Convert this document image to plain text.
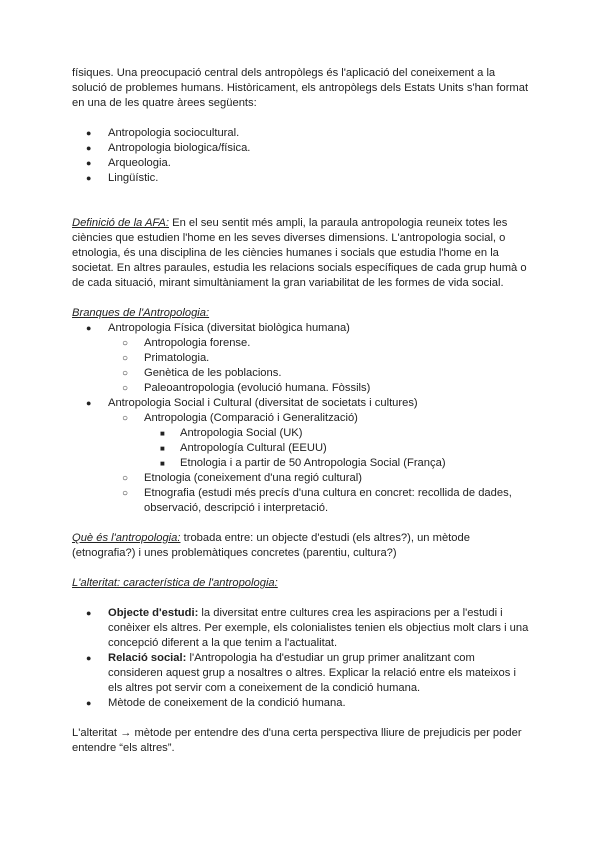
físiques. Una preocupació central dels antropòlegs és l'aplicació del coneixement a la solució de problemes humans. Històricament, els antropòlegs dels Estats Units s'han format en una de les quatre àrees següents:

● Antropologia sociocultural.
● Antropologia biologica/física.
● Arqueologia.
● Lingüístic.

Definició de la AFA: En el seu sentit més ampli, la paraula antropologia reuneix totes les ciències que estudien l'home en les seves diverses dimensions. L'antropologia social, o etnologia, és una disciplina de les ciències humanes i socials que estudia l'home en la societat. En altres paraules, estudia les relacions socials específiques de cada grup humà o de cada situació, mirant simultàniament la gran variabilitat de les formes de vida social.

Branques de l'Antropologia:

● Antropologia Física (diversitat biològica humana)
○ Antropologia forense.
○ Primatologia.
○ Genètica de les poblacions.
○ Paleoantropologia (evolució humana. Fòssils)
● Antropologia Social i Cultural (diversitat de societats i cultures)
○ Antropologia (Comparació i Generalització)
■ Antropologia Social (UK)
■ Antropología Cultural (EEUU)
■ Etnologia i a partir de 50 Antropologia Social (França)
○ Etnologia (coneixement d'una regió cultural)
○ Etnografia (estudi més precís d'una cultura en concret: recollida de dades, observació, descripció i interpretació.

Què és l'antropologia: trobada entre: un objecte d'estudi (els altres?), un mètode (etnografia?) i unes problemàtiques concretes (parentiu, cultura?)

L'alteritat: característica de l'antropologia:

● Objecte d'estudi: la diversitat entre cultures crea les aspiracions per a l'estudi i conèixer els altres. Per exemple, els colonialistes tenien els objectius molt clars i una concepció diferent a la que tenim a l'actualitat.
● Relació social: l'Antropologia ha d'estudiar un grup primer analitzant com consideren aquest grup a nosaltres o altres. Explicar la relació entre els mateixos i els altres pot servir com a coneixement de la condició humana.
● Mètode de coneixement de la condició humana.

L'alteritat → mètode per entendre des d'una certa perspectiva lliure de prejudicis per poder entendre “els altres”.
